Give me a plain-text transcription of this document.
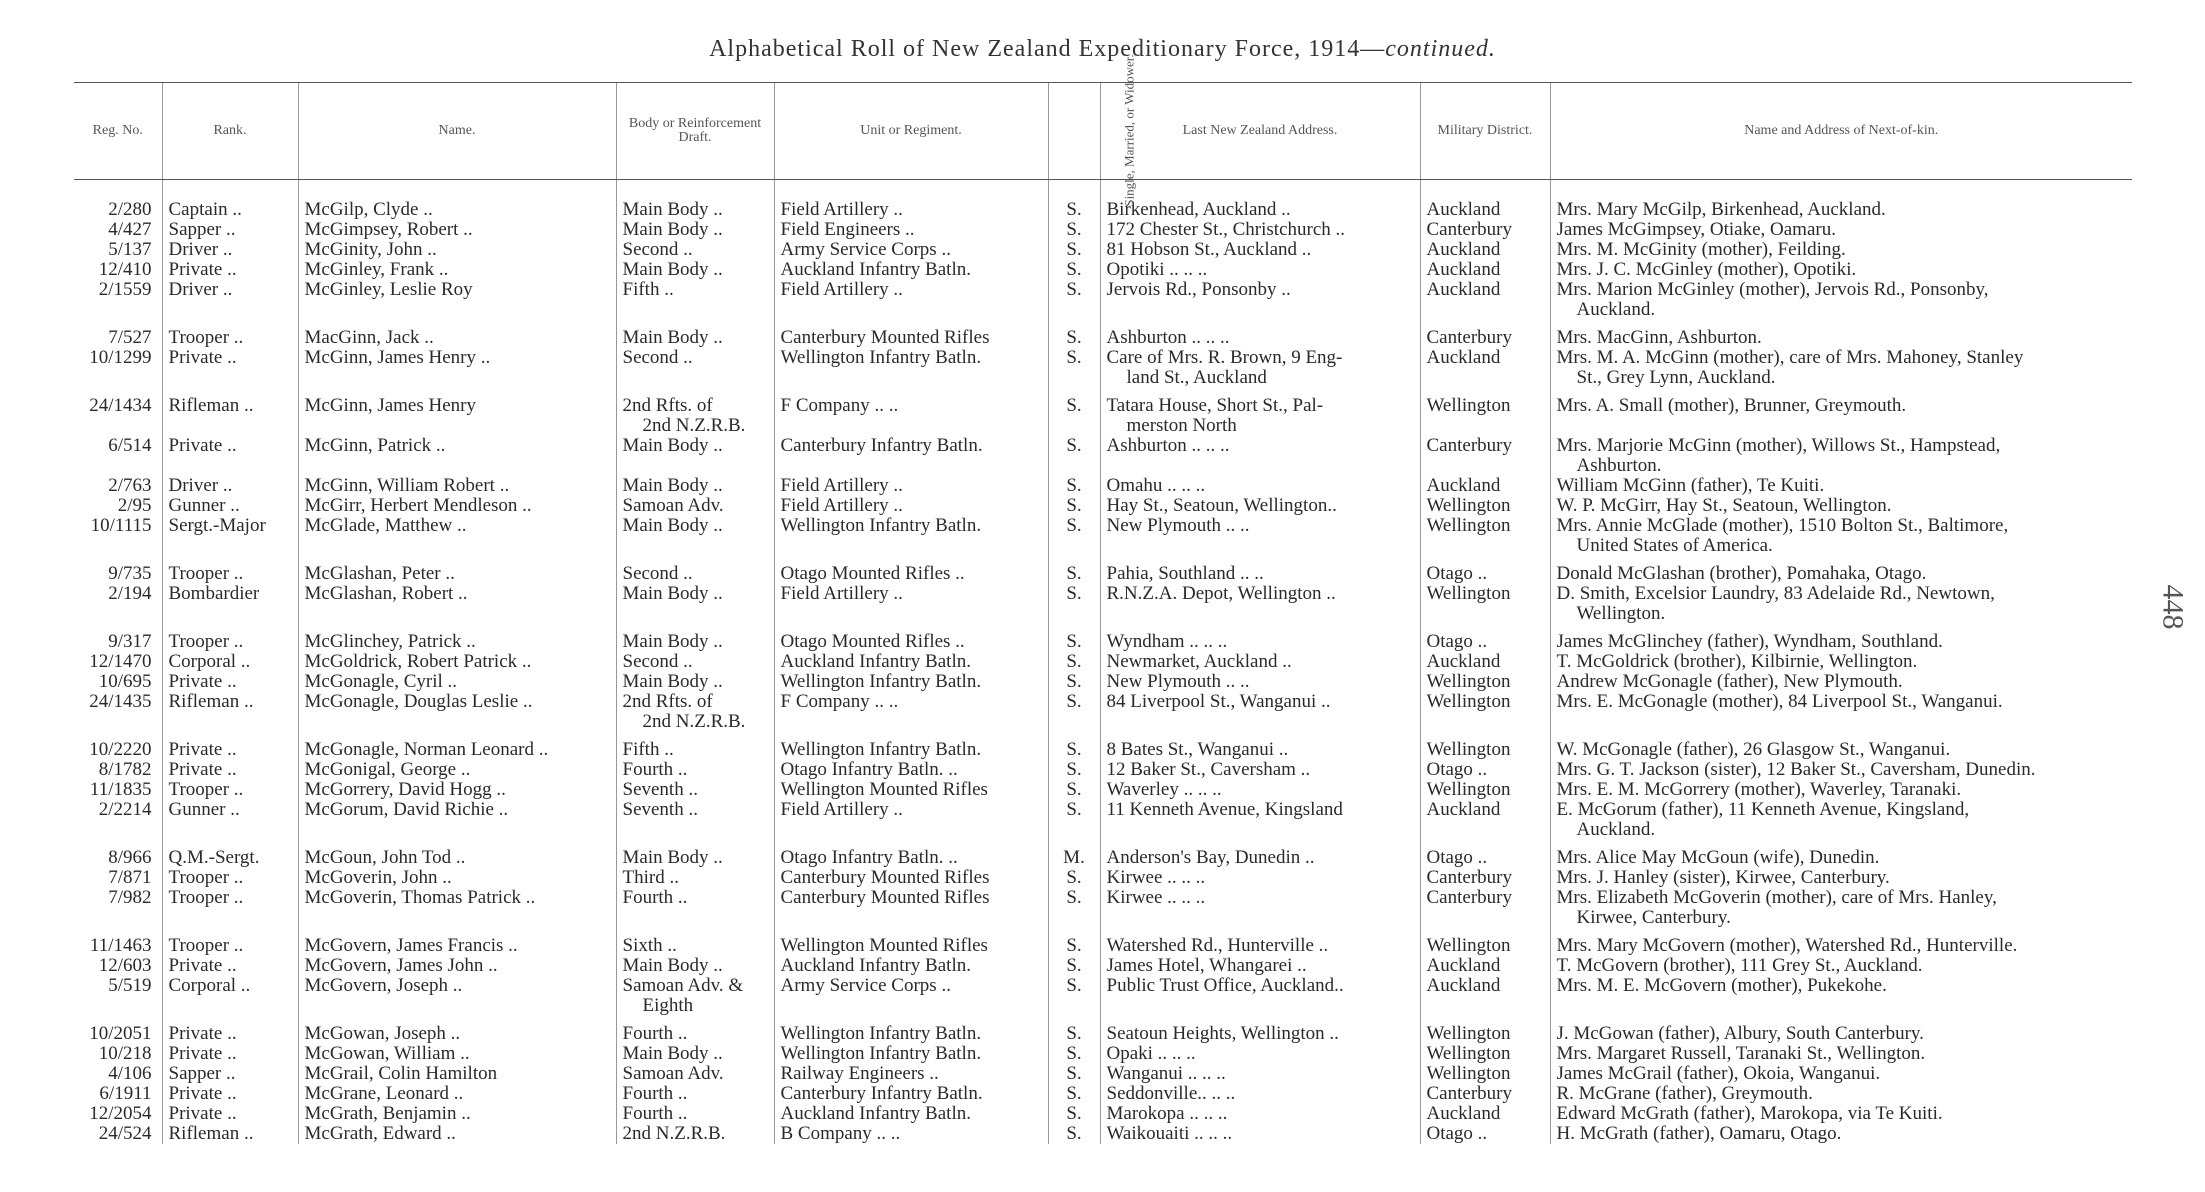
Alphabetical Roll of New Zealand Expeditionary Force, 1914—continued.
448
Reg. No.	Rank.	Name.	Body or Reinforcement Draft.	Unit or Regiment.	Single, Married, or Widower.	Last New Zealand Address.	Military District.	Name and Address of Next-of-kin.

2/280	Captain ..	McGilp, Clyde ..	Main Body ..	Field Artillery ..	S.	Birkenhead, Auckland ..	Auckland	Mrs. Mary McGilp, Birkenhead, Auckland.
4/427	Sapper ..	McGimpsey, Robert ..	Main Body ..	Field Engineers ..	S.	172 Chester St., Christchurch ..	Canterbury	James McGimpsey, Otiake, Oamaru.
5/137	Driver ..	McGinity, John ..	Second ..	Army Service Corps ..	S.	81 Hobson St., Auckland ..	Auckland	Mrs. M. McGinity (mother), Feilding.
12/410	Private ..	McGinley, Frank ..	Main Body ..	Auckland Infantry Batln.	S.	Opotiki .. .. ..	Auckland	Mrs. J. C. McGinley (mother), Opotiki.
2/1559	Driver ..	McGinley, Leslie Roy	Fifth ..	Field Artillery ..	S.	Jervois Rd., Ponsonby ..	Auckland	Mrs. Marion McGinley (mother), Jervois Rd., Ponsonby,
Auckland.

7/527	Trooper ..	MacGinn, Jack ..	Main Body ..	Canterbury Mounted Rifles	S.	Ashburton .. .. ..	Canterbury	Mrs. MacGinn, Ashburton.
10/1299	Private ..	McGinn, James Henry ..	Second ..	Wellington Infantry Batln.	S.	Care of Mrs. R. Brown, 9 Eng-
land St., Auckland	Auckland	Mrs. M. A. McGinn (mother), care of Mrs. Mahoney, Stanley
St., Grey Lynn, Auckland.

24/1434	Rifleman ..	McGinn, James Henry	2nd Rfts. of
2nd N.Z.R.B.	F Company .. ..	S.	Tatara House, Short St., Pal-
merston North	Wellington	Mrs. A. Small (mother), Brunner, Greymouth.
6/514	Private ..	McGinn, Patrick ..	Main Body ..	Canterbury Infantry Batln.	S.	Ashburton .. .. ..	Canterbury	Mrs. Marjorie McGinn (mother), Willows St., Hampstead,
Ashburton.

2/763	Driver ..	McGinn, William Robert ..	Main Body ..	Field Artillery ..	S.	Omahu .. .. ..	Auckland	William McGinn (father), Te Kuiti.
2/95	Gunner ..	McGirr, Herbert Mendleson ..	Samoan Adv.	Field Artillery ..	S.	Hay St., Seatoun, Wellington..	Wellington	W. P. McGirr, Hay St., Seatoun, Wellington.
10/1115	Sergt.-Major	McGlade, Matthew ..	Main Body ..	Wellington Infantry Batln.	S.	New Plymouth .. ..	Wellington	Mrs. Annie McGlade (mother), 1510 Bolton St., Baltimore,
United States of America.

9/735	Trooper ..	McGlashan, Peter ..	Second ..	Otago Mounted Rifles ..	S.	Pahia, Southland .. ..	Otago ..	Donald McGlashan (brother), Pomahaka, Otago.
2/194	Bombardier	McGlashan, Robert ..	Main Body ..	Field Artillery ..	S.	R.N.Z.A. Depot, Wellington ..	Wellington	D. Smith, Excelsior Laundry, 83 Adelaide Rd., Newtown,
Wellington.

9/317	Trooper ..	McGlinchey, Patrick ..	Main Body ..	Otago Mounted Rifles ..	S.	Wyndham .. .. ..	Otago ..	James McGlinchey (father), Wyndham, Southland.
12/1470	Corporal ..	McGoldrick, Robert Patrick ..	Second ..	Auckland Infantry Batln.	S.	Newmarket, Auckland ..	Auckland	T. McGoldrick (brother), Kilbirnie, Wellington.
10/695	Private ..	McGonagle, Cyril ..	Main Body ..	Wellington Infantry Batln.	S.	New Plymouth .. ..	Wellington	Andrew McGonagle (father), New Plymouth.
24/1435	Rifleman ..	McGonagle, Douglas Leslie ..	2nd Rfts. of
2nd N.Z.R.B.	F Company .. ..	S.	84 Liverpool St., Wanganui ..	Wellington	Mrs. E. McGonagle (mother), 84 Liverpool St., Wanganui.

10/2220	Private ..	McGonagle, Norman Leonard ..	Fifth ..	Wellington Infantry Batln.	S.	8 Bates St., Wanganui ..	Wellington	W. McGonagle (father), 26 Glasgow St., Wanganui.
8/1782	Private ..	McGonigal, George ..	Fourth ..	Otago Infantry Batln. ..	S.	12 Baker St., Caversham ..	Otago ..	Mrs. G. T. Jackson (sister), 12 Baker St., Caversham, Dunedin.
11/1835	Trooper ..	McGorrery, David Hogg ..	Seventh ..	Wellington Mounted Rifles	S.	Waverley .. .. ..	Wellington	Mrs. E. M. McGorrery (mother), Waverley, Taranaki.
2/2214	Gunner ..	McGorum, David Richie ..	Seventh ..	Field Artillery ..	S.	11 Kenneth Avenue, Kingsland	Auckland	E. McGorum (father), 11 Kenneth Avenue, Kingsland,
Auckland.

8/966	Q.M.-Sergt.	McGoun, John Tod ..	Main Body ..	Otago Infantry Batln. ..	M.	Anderson's Bay, Dunedin ..	Otago ..	Mrs. Alice May McGoun (wife), Dunedin.
7/871	Trooper ..	McGoverin, John ..	Third ..	Canterbury Mounted Rifles	S.	Kirwee .. .. ..	Canterbury	Mrs. J. Hanley (sister), Kirwee, Canterbury.
7/982	Trooper ..	McGoverin, Thomas Patrick ..	Fourth ..	Canterbury Mounted Rifles	S.	Kirwee .. .. ..	Canterbury	Mrs. Elizabeth McGoverin (mother), care of Mrs. Hanley,
Kirwee, Canterbury.

11/1463	Trooper ..	McGovern, James Francis ..	Sixth ..	Wellington Mounted Rifles	S.	Watershed Rd., Hunterville ..	Wellington	Mrs. Mary McGovern (mother), Watershed Rd., Hunterville.
12/603	Private ..	McGovern, James John ..	Main Body ..	Auckland Infantry Batln.	S.	James Hotel, Whangarei ..	Auckland	T. McGovern (brother), 111 Grey St., Auckland.
5/519	Corporal ..	McGovern, Joseph ..	Samoan Adv. &
Eighth	Army Service Corps ..	S.	Public Trust Office, Auckland..	Auckland	Mrs. M. E. McGovern (mother), Pukekohe.

10/2051	Private ..	McGowan, Joseph ..	Fourth ..	Wellington Infantry Batln.	S.	Seatoun Heights, Wellington ..	Wellington	J. McGowan (father), Albury, South Canterbury.
10/218	Private ..	McGowan, William ..	Main Body ..	Wellington Infantry Batln.	S.	Opaki .. .. ..	Wellington	Mrs. Margaret Russell, Taranaki St., Wellington.
4/106	Sapper ..	McGrail, Colin Hamilton	Samoan Adv.	Railway Engineers ..	S.	Wanganui .. .. ..	Wellington	James McGrail (father), Okoia, Wanganui.
6/1911	Private ..	McGrane, Leonard ..	Fourth ..	Canterbury Infantry Batln.	S.	Seddonville.. .. ..	Canterbury	R. McGrane (father), Greymouth.
12/2054	Private ..	McGrath, Benjamin ..	Fourth ..	Auckland Infantry Batln.	S.	Marokopa .. .. ..	Auckland	Edward McGrath (father), Marokopa, via Te Kuiti.
24/524	Rifleman ..	McGrath, Edward ..	2nd N.Z.R.B.	B Company .. ..	S.	Waikouaiti .. .. ..	Otago ..	H. McGrath (father), Oamaru, Otago.
